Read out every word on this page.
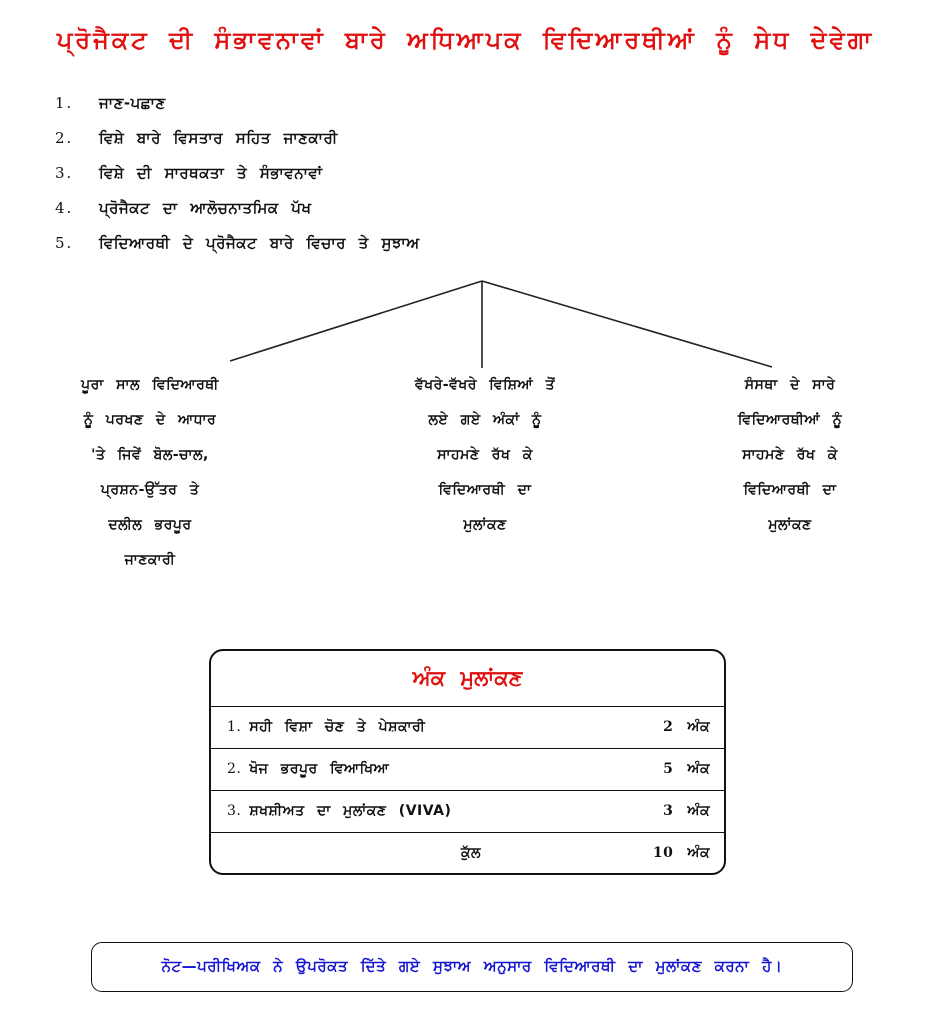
ਪ੍ਰੋਜੈਕਟ ਦੀ ਸੰਭਾਵਨਾਵਾਂ ਬਾਰੇ ਅਧਿਆਪਕ ਵਿਦਿਆਰਥੀਆਂ ਨੂੰ ਸੇਧ ਦੇਵੇਗਾ
1. ਜਾਣ-ਪਛਾਣ
2. ਵਿਸ਼ੇ ਬਾਰੇ ਵਿਸਤਾਰ ਸਹਿਤ ਜਾਣਕਾਰੀ
3. ਵਿਸ਼ੇ ਦੀ ਸਾਰਥਕਤਾ ਤੇ ਸੰਭਾਵਨਾਵਾਂ
4. ਪ੍ਰੋਜੈਕਟ ਦਾ ਆਲੋਚਨਾਤਮਿਕ ਪੱਖ
5. ਵਿਦਿਆਰਥੀ ਦੇ ਪ੍ਰੋਜੈਕਟ ਬਾਰੇ ਵਿਚਾਰ ਤੇ ਸੁਝਾਅ
ਪੂਰਾ ਸਾਲ ਵਿਦਿਆਰਥੀ
ਨੂੰ ਪਰਖਣ ਦੇ ਆਧਾਰ
'ਤੇ ਜਿਵੇਂ ਬੋਲ-ਚਾਲ,
ਪ੍ਰਸ਼ਨ-ਉੱਤਰ ਤੇ
ਦਲੀਲ ਭਰਪੂਰ
ਜਾਣਕਾਰੀ
ਵੱਖਰੇ-ਵੱਖਰੇ ਵਿਸ਼ਿਆਂ ਤੋਂ
ਲਏ ਗਏ ਅੰਕਾਂ ਨੂੰ
ਸਾਹਮਣੇ ਰੱਖ ਕੇ
ਵਿਦਿਆਰਥੀ ਦਾ
ਮੁਲਾਂਕਣ
ਸੰਸਥਾ ਦੇ ਸਾਰੇ
ਵਿਦਿਆਰਥੀਆਂ ਨੂੰ
ਸਾਹਮਣੇ ਰੱਖ ਕੇ
ਵਿਦਿਆਰਥੀ ਦਾ
ਮੁਲਾਂਕਣ
ਅੰਕ ਮੁਲਾਂਕਣ
1. ਸਹੀ ਵਿਸ਼ਾ ਚੋਣ ਤੇ ਪੇਸ਼ਕਾਰੀ	2 ਅੰਕ
2. ਖੋਜ ਭਰਪੂਰ ਵਿਆਖਿਆ	5 ਅੰਕ
3. ਸ਼ਖਸ਼ੀਅਤ ਦਾ ਮੁਲਾਂਕਣ (VIVA)	3 ਅੰਕ
ਕੁੱਲ	10 ਅੰਕ
ਨੋਟ—ਪਰੀਖਿਅਕ ਨੇ ਉਪਰੋਕਤ ਦਿੱਤੇ ਗਏ ਸੁਝਾਅ ਅਨੁਸਾਰ ਵਿਦਿਆਰਥੀ ਦਾ ਮੁਲਾਂਕਣ ਕਰਨਾ ਹੈ।
